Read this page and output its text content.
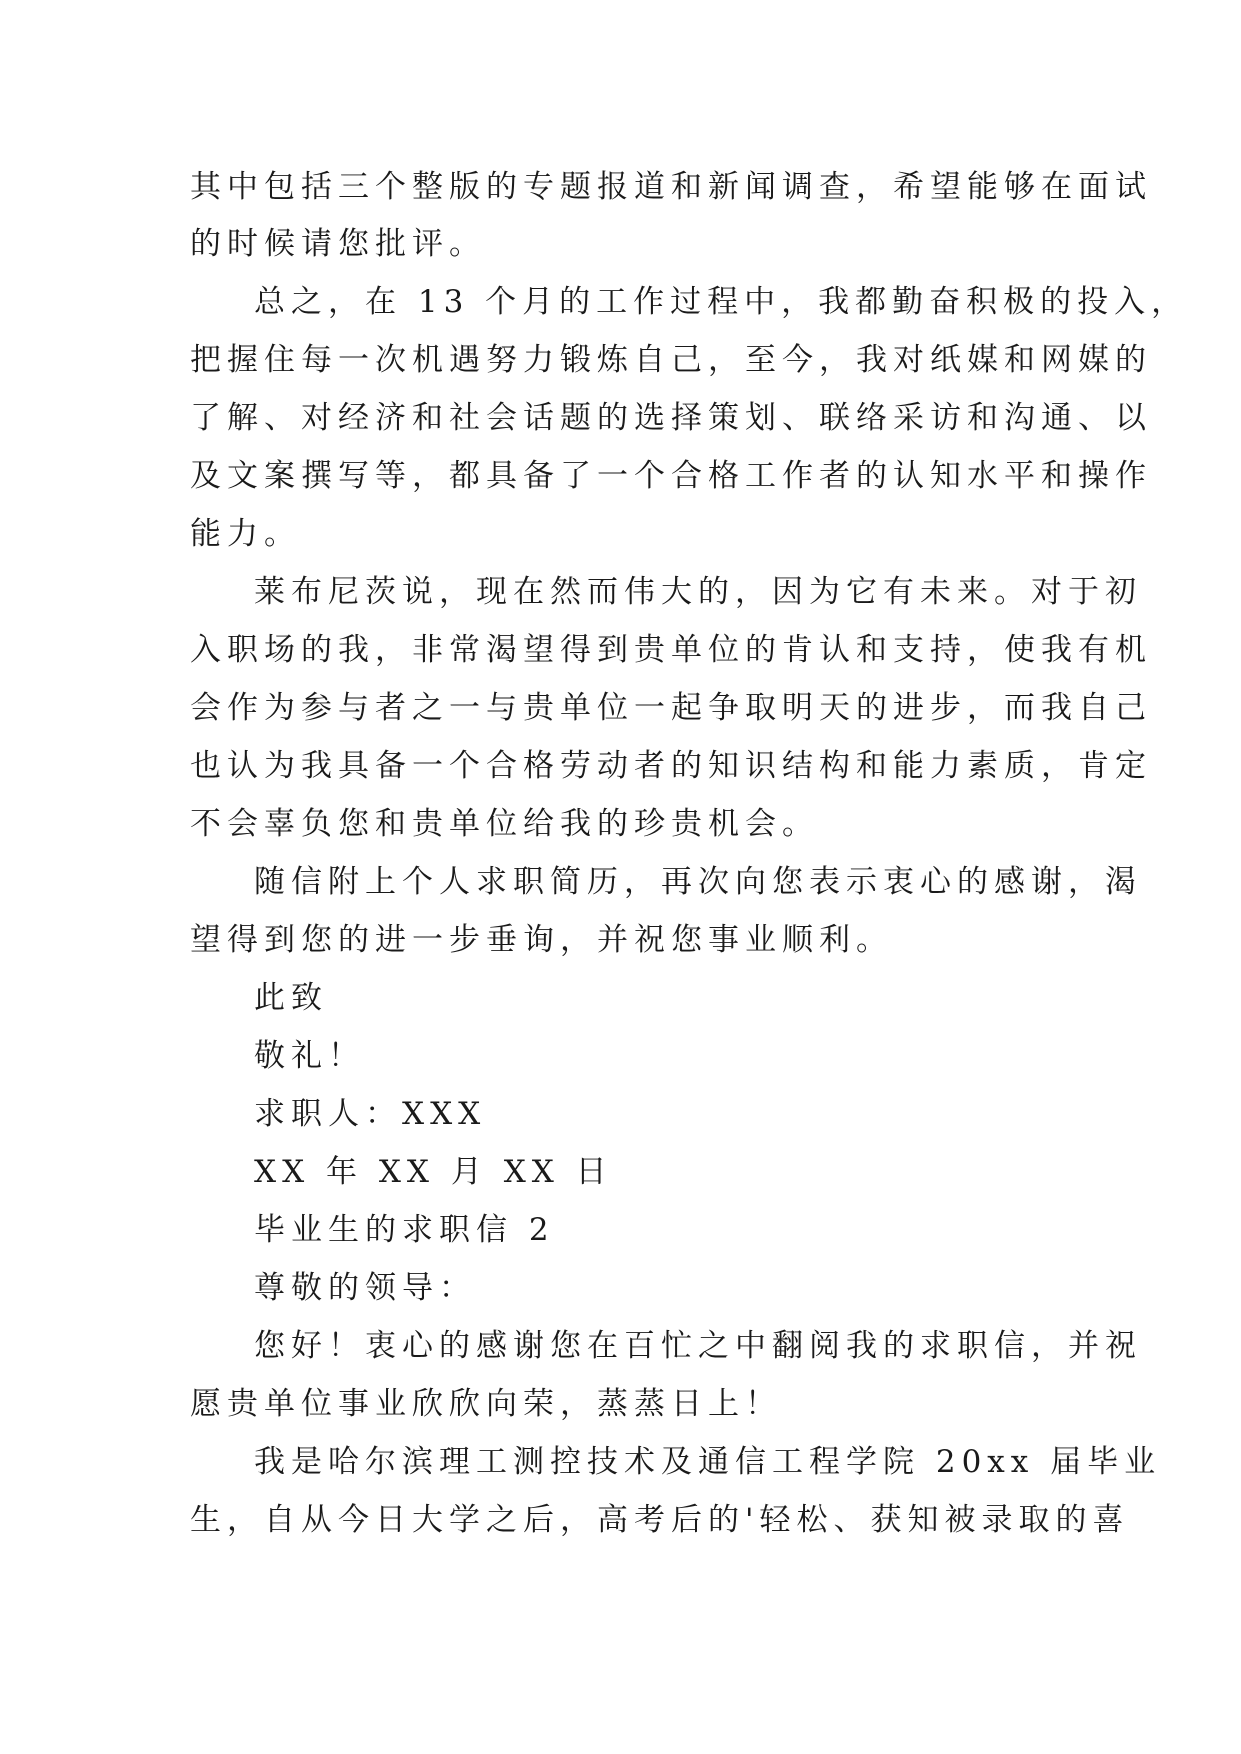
其中包括三个整版的专题报道和新闻调查，希望能够在面试
的时候请您批评。
总之，在 13 个月的工作过程中，我都勤奋积极的投入，
把握住每一次机遇努力锻炼自己，至今，我对纸媒和网媒的
了解、对经济和社会话题的选择策划、联络采访和沟通、以
及文案撰写等，都具备了一个合格工作者的认知水平和操作
能力。
莱布尼茨说，现在然而伟大的，因为它有未来。对于初
入职场的我，非常渴望得到贵单位的肯认和支持，使我有机
会作为参与者之一与贵单位一起争取明天的进步，而我自己
也认为我具备一个合格劳动者的知识结构和能力素质，肯定
不会辜负您和贵单位给我的珍贵机会。
随信附上个人求职简历，再次向您表示衷心的感谢，渴
望得到您的进一步垂询，并祝您事业顺利。
此致
敬礼！
求职人：XXX
XX 年 XX 月 XX 日
毕业生的求职信 2
尊敬的领导：
您好！衷心的感谢您在百忙之中翻阅我的求职信，并祝
愿贵单位事业欣欣向荣，蒸蒸日上！
我是哈尔滨理工测控技术及通信工程学院 20xx 届毕业
生，自从今日大学之后，高考后的'轻松、获知被录取的喜
